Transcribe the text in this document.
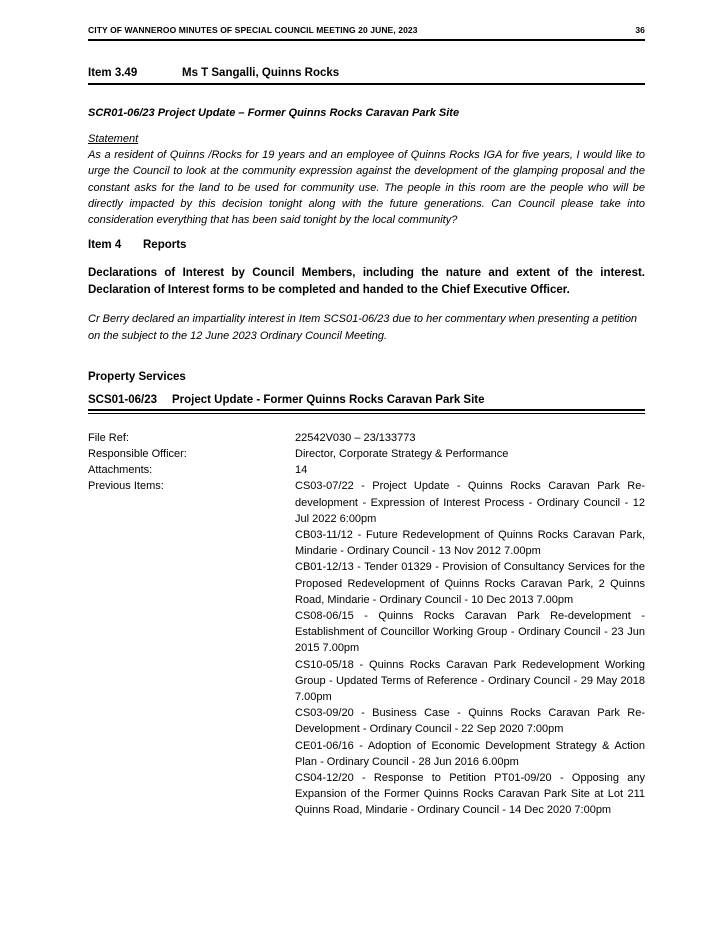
CITY OF WANNEROO MINUTES OF SPECIAL COUNCIL MEETING 20 JUNE, 2023	36
Item 3.49	Ms T Sangalli, Quinns Rocks
SCR01-06/23 Project Update – Former Quinns Rocks Caravan Park Site
Statement

As a resident of Quinns /Rocks for 19 years and an employee of Quinns Rocks IGA for five years, I would like to urge the Council to look at the community expression against the development of the glamping proposal and the constant asks for the land to be used for community use. The people in this room are the people who will be directly impacted by this decision tonight along with the future generations. Can Council please take into consideration everything that has been said tonight by the local community?

Item 4	Reports

Declarations of Interest by Council Members, including the nature and extent of the interest. Declaration of Interest forms to be completed and handed to the Chief Executive Officer.

Cr Berry declared an impartiality interest in Item SCS01-06/23 due to her commentary when presenting a petition on the subject to the 12 June 2023 Ordinary Council Meeting.

Property Services
SCS01-06/23	Project Update - Former Quinns Rocks Caravan Park Site
File Ref:	22542V030 – 23/133773
Responsible Officer:	Director, Corporate Strategy & Performance
Attachments:	14
Previous Items:	CS03-07/22 - Project Update - Quinns Rocks Caravan Park Re-development - Expression of Interest Process - Ordinary Council - 12 Jul 2022 6:00pm

CB03-11/12 - Future Redevelopment of Quinns Rocks Caravan Park, Mindarie - Ordinary Council - 13 Nov 2012 7.00pm

CB01-12/13 - Tender 01329 - Provision of Consultancy Services for the Proposed Redevelopment of Quinns Rocks Caravan Park, 2 Quinns Road, Mindarie - Ordinary Council - 10 Dec 2013 7.00pm

CS08-06/15 - Quinns Rocks Caravan Park Re-development - Establishment of Councillor Working Group - Ordinary Council - 23 Jun 2015 7.00pm

CS10-05/18 - Quinns Rocks Caravan Park Redevelopment Working Group - Updated Terms of Reference - Ordinary Council - 29 May 2018 7.00pm

CS03-09/20 - Business Case - Quinns Rocks Caravan Park Re-Development - Ordinary Council - 22 Sep 2020 7:00pm

CE01-06/16 - Adoption of Economic Development Strategy & Action Plan - Ordinary Council - 28 Jun 2016 6.00pm

CS04-12/20 - Response to Petition PT01-09/20 - Opposing any Expansion of the Former Quinns Rocks Caravan Park Site at Lot 211 Quinns Road, Mindarie - Ordinary Council - 14 Dec 2020 7:00pm
